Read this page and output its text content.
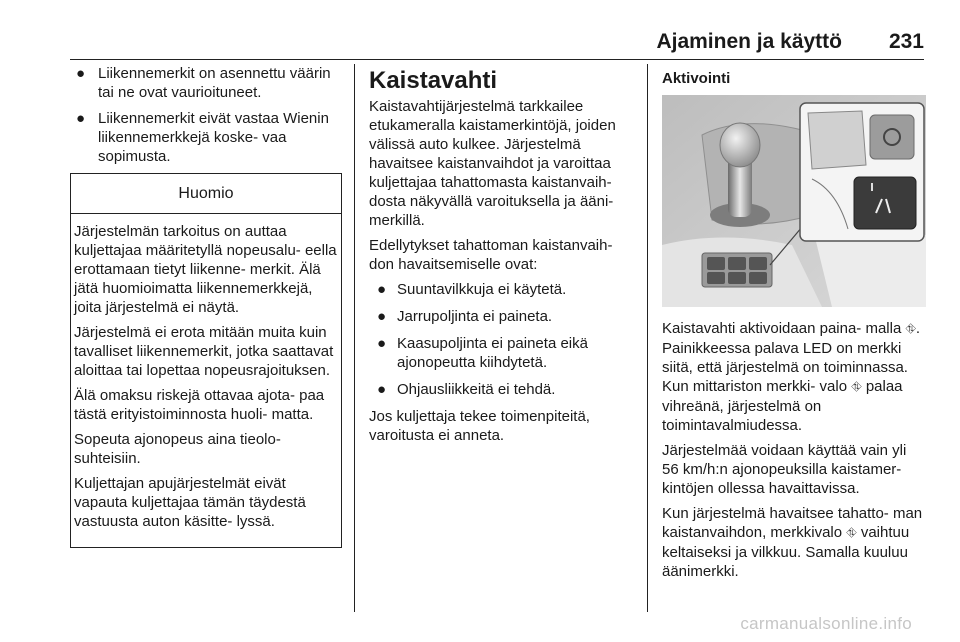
Ajaminen ja käyttö 231
● Liikennemerkit on asennettu väärin tai ne ovat vaurioituneet.
● Liikennemerkit eivät vastaa Wienin liikennemerkkejä koske- vaa sopimusta.
Huomio

Järjestelmän tarkoitus on auttaa kuljettajaa määritetyllä nopeusalu- eella erottamaan tietyt liikenne- merkit. Älä jätä huomioimatta liikennemerkkejä, joita järjestelmä ei näytä.

Järjestelmä ei erota mitään muita kuin tavalliset liikennemerkit, jotka saattavat aloittaa tai lopettaa nopeusrajoituksen.

Älä omaksu riskejä ottavaa ajota- paa tästä erityistoiminnosta huoli- matta.

Sopeuta ajonopeus aina tieolo- suhteisiin.

Kuljettajan apujärjestelmät eivät vapauta kuljettajaa tämän täydestä vastuusta auton käsitte- lyssä.

Kaistavahti

Kaistavahtijärjestelmä tarkkailee etukameralla kaistamerkintöjä, joiden välissä auto kulkee. Järjestelmä havaitsee kaistanvaihdot ja varoittaa kuljettajaa tahattomasta kaistanvaih- dosta näkyvällä varoituksella ja ääni- merkillä.

Edellytykset tahattoman kaistanvaih- don havaitsemiselle ovat:

● Suuntavilkkuja ei käytetä.
● Jarrupoljinta ei paineta.
● Kaasupoljinta ei paineta eikä ajonopeutta kiihdytetä.
● Ohjausliikkeitä ei tehdä.

Jos kuljettaja tekee toimenpiteitä, varoitusta ei anneta.

Aktivointi

Kaistavahti aktivoidaan paina- malla ⛗. Painikkeessa palava LED on merkki siitä, että järjestelmä on toiminnassa. Kun mittariston merkki- valo ⛗ palaa vihreänä, järjestelmä on toimintavalmiudessa.

Järjestelmää voidaan käyttää vain yli 56 km/h:n ajonopeuksilla kaistamer- kintöjen ollessa havaittavissa.

Kun järjestelmä havaitsee tahatto- man kaistanvaihdon, merkkivalo ⛗ vaihtuu keltaiseksi ja vilkkuu. Samalla kuuluu äänimerkki.

carmanualsonline.info
